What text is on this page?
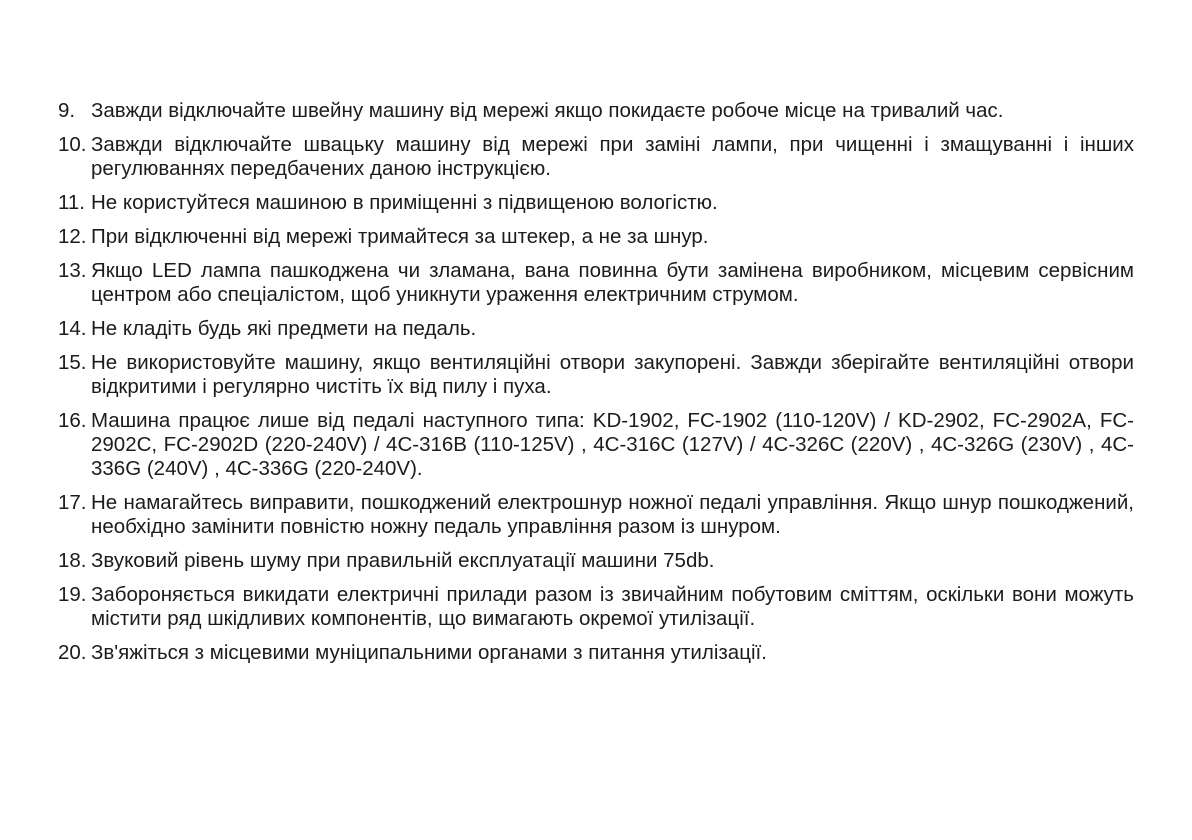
9. Завжди відключайте швейну машину від мережі якщо покидаєте робоче місце на тривалий час.
10. Завжди відключайте швацьку машину від мережі при заміні лампи, при чищенні і змащуванні і інших регулюваннях передбачених даною інструкцією.
11. Не користуйтеся машиною в приміщенні з підвищеною вологістю.
12. При відключенні від мережі тримайтеся за штекер, а не за шнур.
13. Якщо LED лампа пашкоджена чи зламана, вана повинна бути замінена виробником, місцевим сервісним центром або спеціалістом, щоб уникнути ураження електричним струмом.
14. Не кладіть будь які предмети на педаль.
15. Не використовуйте машину, якщо вентиляційні отвори закупорені. Завжди зберігайте вентиляційні отвори відкритими і регулярно чистіть їх від пилу і пуха.
16. Машина працює лише від педалі наступного типа: KD-1902, FC-1902 (110-120V) / KD-2902, FC-2902A, FC-2902C, FC-2902D (220-240V) / 4C-316B (110-125V) , 4C-316C (127V) / 4C-326C (220V) , 4C-326G (230V) , 4C-336G (240V) , 4C-336G (220-240V).
17. Не намагайтесь виправити, пошкоджений електрошнур ножної педалі управління. Якщо шнур пошкоджений, необхідно замінити повністю ножну педаль управління разом із шнуром.
18. Звуковий рівень шуму при правильній експлуатації машини 75db.
19. Забороняється викидати електричні прилади разом із звичайним побутовим сміттям, оскільки вони можуть містити ряд шкідливих компонентів, що вимагають окремої утилізації.
20. Зв'яжіться з місцевими муніципальними органами з питання утилізації.
